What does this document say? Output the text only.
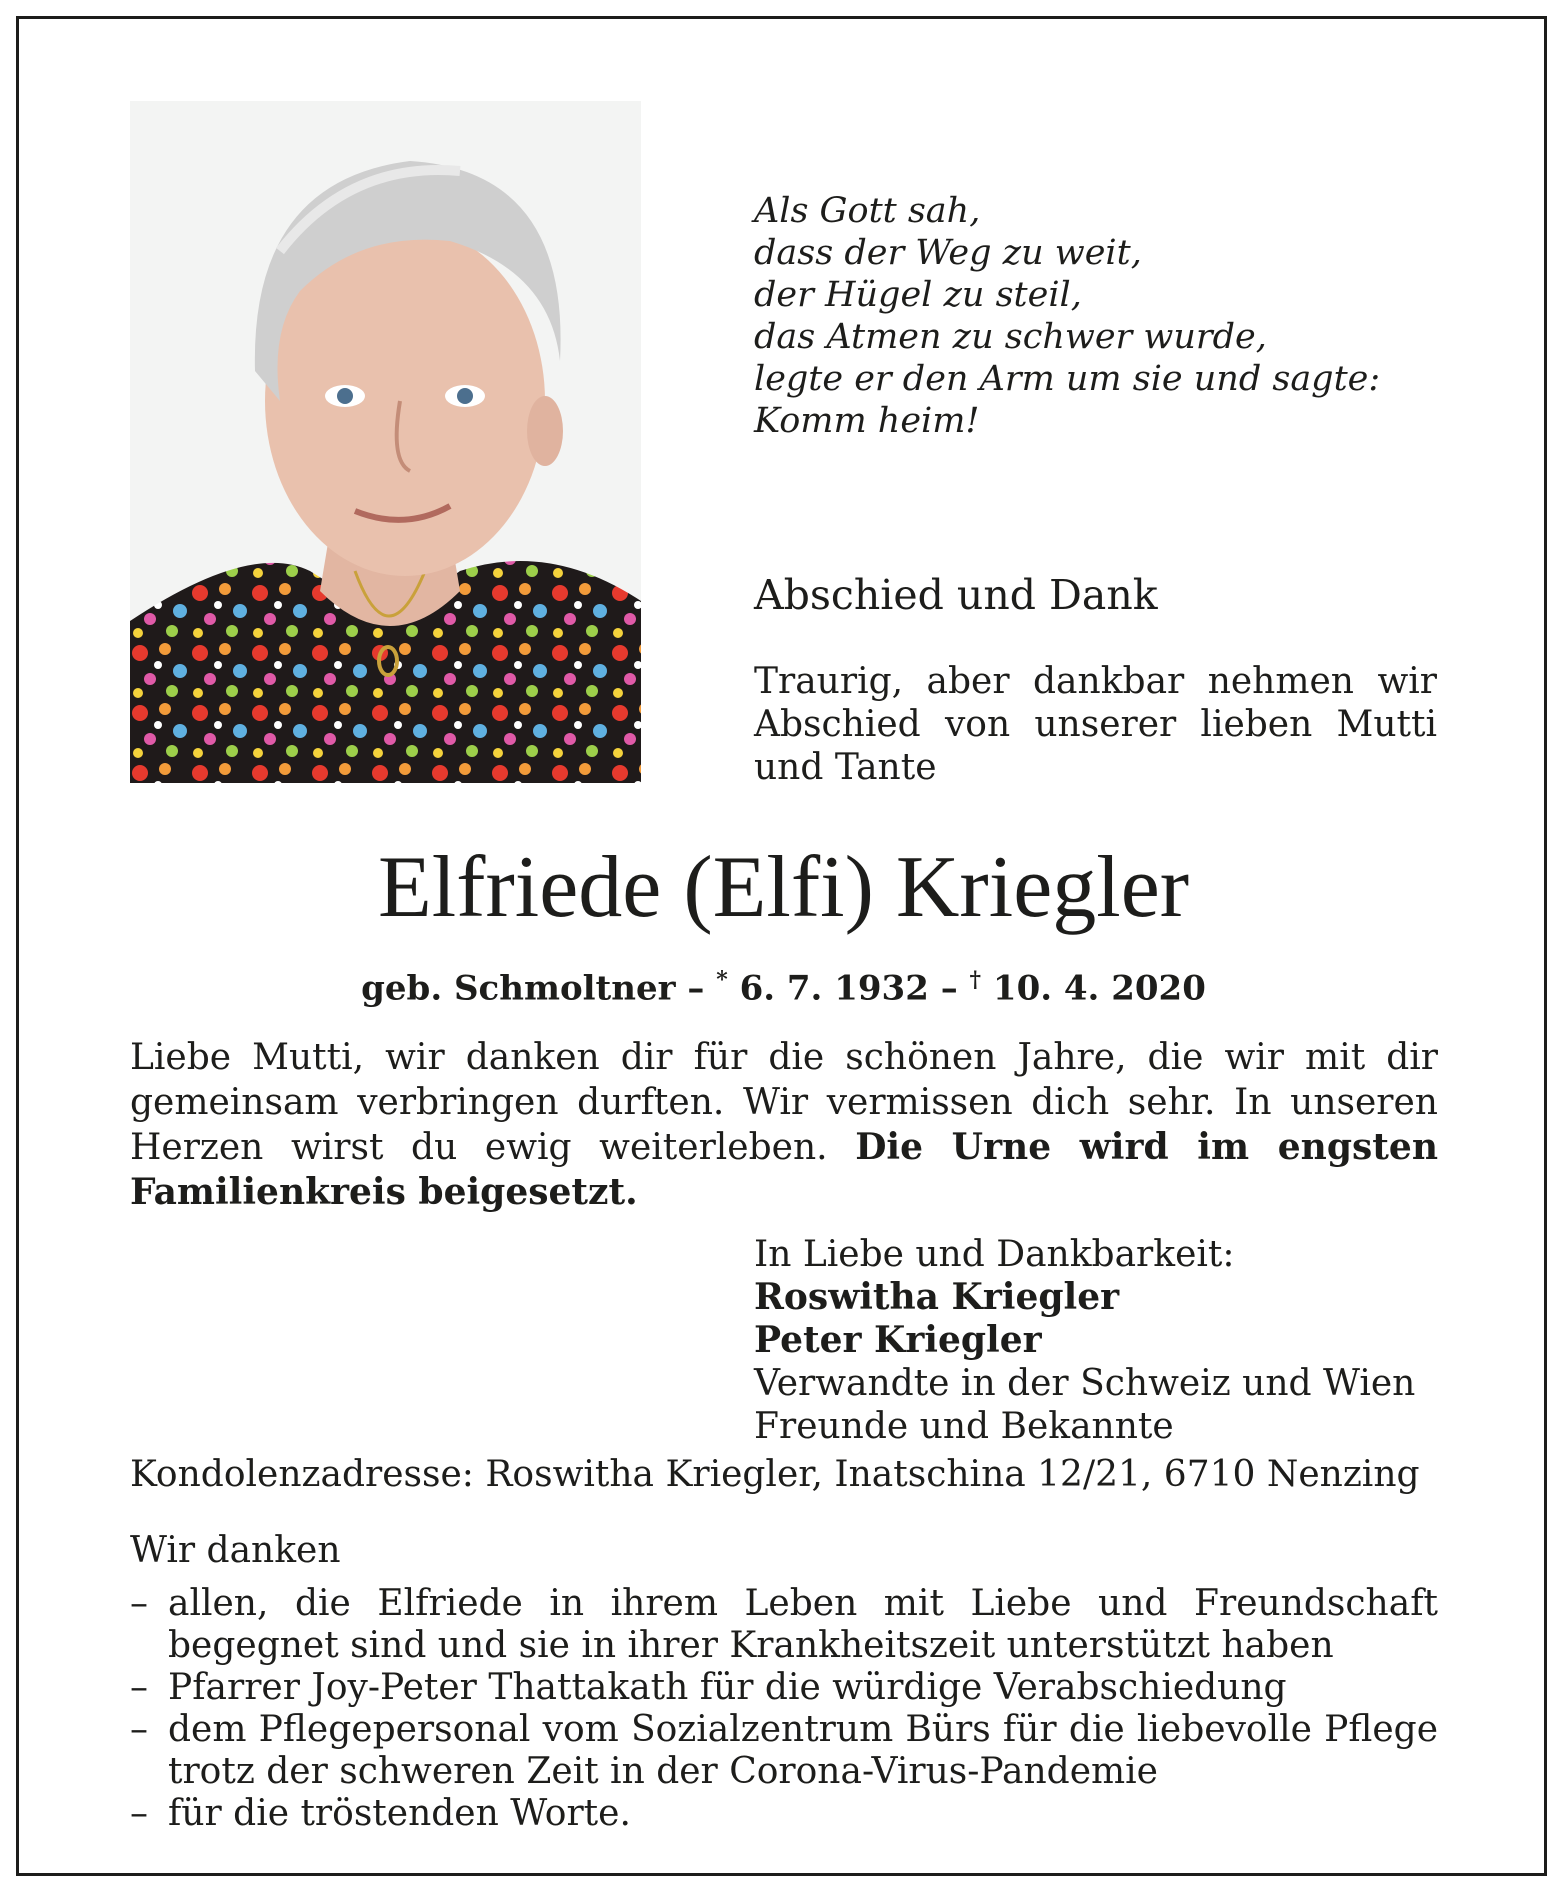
Als Gott sah,
dass der Weg zu weit,
der Hügel zu steil,
das Atmen zu schwer wurde,
legte er den Arm um sie und sagte:
Komm heim!
Abschied und Dank
Traurig, aber dankbar nehmen wir Abschied von unserer lieben Mutti und Tante
Elfriede (Elfi) Kriegler
geb. Schmoltner – * 6. 7. 1932 – † 10. 4. 2020
Liebe Mutti, wir danken dir für die schönen Jahre, die wir mit dir gemeinsam verbringen durften. Wir vermissen dich sehr. In unseren Herzen wirst du ewig weiterleben. Die Urne wird im engsten Familienkreis beigesetzt.
In Liebe und Dankbarkeit:
Roswitha Kriegler
Peter Kriegler
Verwandte in der Schweiz und Wien
Freunde und Bekannte
Kondolenzadresse: Roswitha Kriegler, Inatschina 12/21, 6710 Nenzing
Wir danken
– allen, die Elfriede in ihrem Leben mit Liebe und Freundschaft begegnet sind und sie in ihrer Krankheitszeit unterstützt haben
– Pfarrer Joy-Peter Thattakath für die würdige Verabschiedung
– dem Pflegepersonal vom Sozialzentrum Bürs für die liebevolle Pflege trotz der schweren Zeit in der Corona-Virus-Pandemie
– für die tröstenden Worte.
